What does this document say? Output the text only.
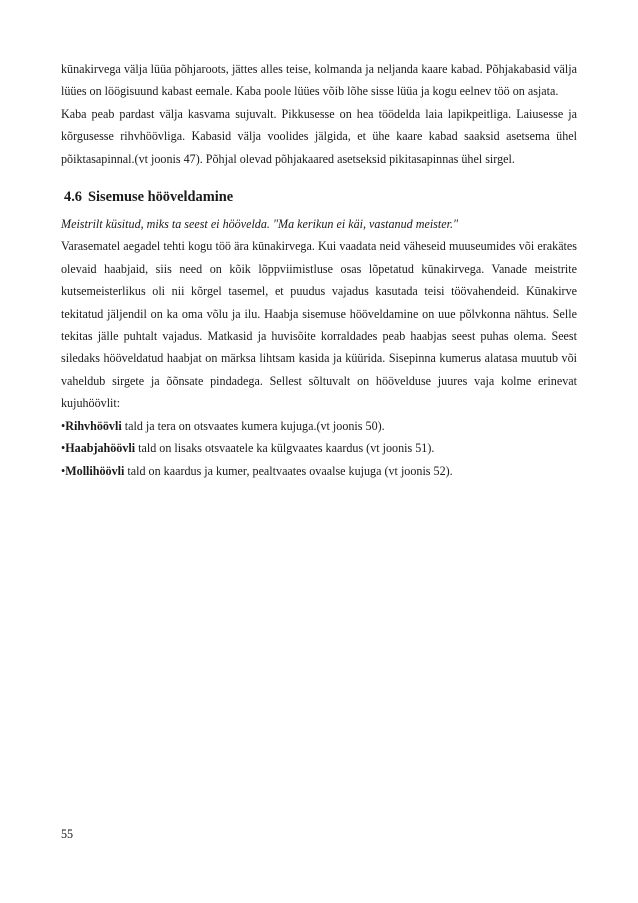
kūnakirvega välja lüüa põhjaroots, jättes alles teise, kolmanda ja neljanda kaare kabad. Põhjakabasid välja lüües on löögisuund kabast eemale. Kaba poole lüües võib lõhe sisse lüüa ja kogu eelnev töö on asjata.

Kaba peab pardast välja kasvama sujuvalt. Pikkusesse on hea töödelda laia lapikpeitliga. Laiusesse ja kõrgusesse rihvhöövliga. Kabasid välja voolides jälgida, et ühe kaare kabad saaksid asetsema ühel põiktasapinnal.(vt joonis 47). Põhjal olevad põhjakaared asetseksid pikitasapinnas ühel sirgel.

4.6 Sisemuse hööveldamine

Meistrilt küsitud, miks ta seest ei höövelda. "Ma kerikun ei käi, vastanud meister."

Varasematel aegadel tehti kogu töö ära kūnakirvega. Kui vaadata neid väheseid muuseumides või erakätes olevaid haabjaid, siis need on kõik lõppviimistluse osas lõpetatud kūnakirvega. Vanade meistrite kutsemeisterlikus oli nii kõrgel tasemel, et puudus vajadus kasutada teisi töövahendeid. Kūnakirve tekitatud jäljendil on ka oma võlu ja ilu. Haabja sisemuse hööveldamine on uue põlvkonna nähtus. Selle tekitas jälle puhtalt vajadus. Matkasid ja huvisõite korraldades peab haabjas seest puhas olema. Seest siledaks hööveldatud haabjat on märksa lihtsam kasida ja küürida. Sisepinna kumerus alatasa muutub või vaheldub sirgete ja õõnsate pindadega. Sellest sõltuvalt on hööveldusе juures vaja kolme erinevat kujuhöövlit:

•Rihvhöövli tald ja tera on otsvaates kumera kujuga.(vt joonis 50).

•Haabjahöövli tald on lisaks otsvaatele ka külgvaates kaardus (vt joonis 51).

•Mollihöövli tald on kaardus ja kumer, pealtvaates ovaalse kujuga (vt joonis 52).

55
